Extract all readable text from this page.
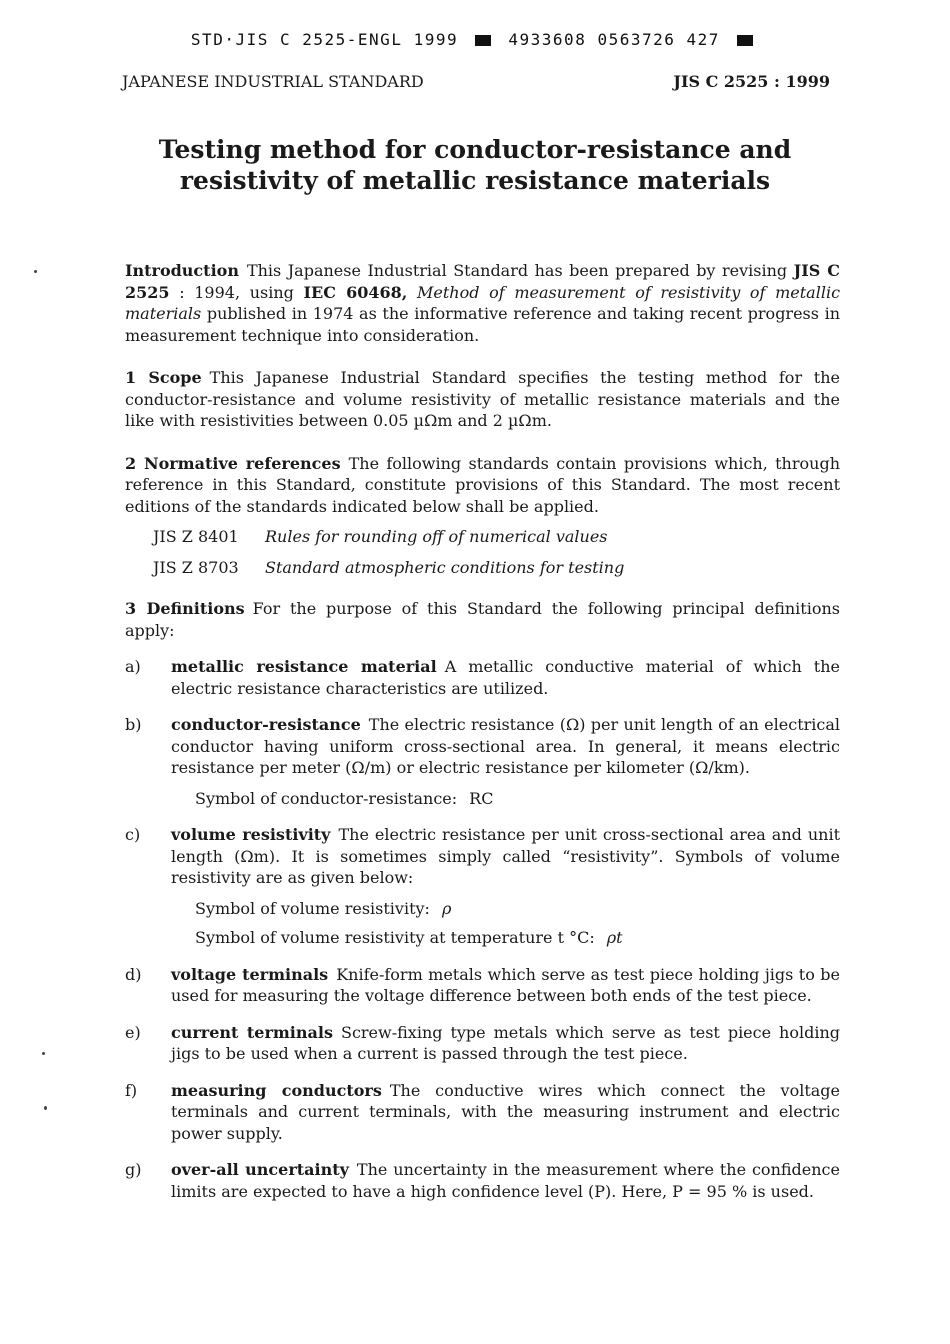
STD·JIS C 2525-ENGL 1999	4933608 0563726 427
JAPANESE INDUSTRIAL STANDARD	JIS C 2525 : 1999
Testing method for conductor-resistance and
resistivity of metallic resistance materials

Introduction This Japanese Industrial Standard has been prepared by revising JIS C 2525 : 1994, using IEC 60468, Method of measurement of resistivity of metallic materials published in 1974 as the informative reference and taking recent progress in measurement technique into consideration.

1 Scope This Japanese Industrial Standard specifies the testing method for the conductor-resistance and volume resistivity of metallic resistance materials and the like with resistivities between 0.05 µΩm and 2 µΩm.

2 Normative references The following standards contain provisions which, through reference in this Standard, constitute provisions of this Standard. The most recent editions of the standards indicated below shall be applied.

JIS Z 8401	Rules for rounding off of numerical values
JIS Z 8703	Standard atmospheric conditions for testing

3 Definitions For the purpose of this Standard the following principal definitions apply:

a)	metallic resistance material A metallic conductive material of which the electric resistance characteristics are utilized.
b)	conductor-resistance The electric resistance (Ω) per unit length of an electrical conductor having uniform cross-sectional area. In general, it means electric resistance per meter (Ω/m) or electric resistance per kilometer (Ω/km).
Symbol of conductor-resistance: RC
c)	volume resistivity The electric resistance per unit cross-sectional area and unit length (Ωm). It is sometimes simply called “resistivity”. Symbols of volume resistivity are as given below:
Symbol of volume resistivity: ρ
Symbol of volume resistivity at temperature t °C: ρt
d)	voltage terminals Knife-form metals which serve as test piece holding jigs to be used for measuring the voltage difference between both ends of the test piece.
e)	current terminals Screw-fixing type metals which serve as test piece holding jigs to be used when a current is passed through the test piece.
f)	measuring conductors The conductive wires which connect the voltage terminals and current terminals, with the measuring instrument and electric power supply.
g)	over-all uncertainty The uncertainty in the measurement where the confidence limits are expected to have a high confidence level (P). Here, P = 95 % is used.
